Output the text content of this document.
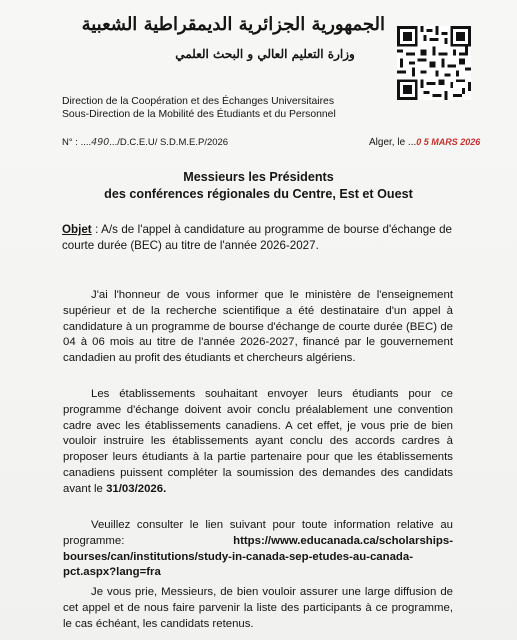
الجمهورية الجزائرية الديمقراطية الشعبية
وزارة التعليم العالي و البحث العلمي
Direction de la Coopération et des Échanges Universitaires
Sous-Direction de la Mobilité des Étudiants et du Personnel
N° : ....490.../D.C.E.U/ S.D.M.E.P/2026	Alger, le ...0 5 MARS 2026
Messieurs les Présidents
des conférences régionales du Centre, Est et Ouest
Objet : A/s de l'appel à candidature au programme de bourse d'échange de courte durée (BEC) au titre de l'année 2026-2027.
J'ai l'honneur de vous informer que le ministère de l'enseignement supérieur et de la recherche scientifique a été destinataire d'un appel à candidature à un programme de bourse d'échange de courte durée (BEC) de 04 à 06 mois au titre de l'année 2026-2027, financé par le gouvernement candadien au profit des étudiants et chercheurs algériens.
Les établissements souhaitant envoyer leurs étudiants pour ce programme d'échange doivent avoir conclu préalablement une convention cadre avec les établissements canadiens. A cet effet, je vous prie de bien vouloir instruire les établissements ayant conclu des accords cardres à proposer leurs étudiants à la partie partenaire pour que les établissements canadiens puissent compléter la soumission des demandes des candidats avant le 31/03/2026.
Veuillez consulter le lien suivant pour toute information relative au programme:	https://www.educanada.ca/scholarships-bourses/can/institutions/study-in-canada-sep-etudes-au-canada-pct.aspx?lang=fra
Je vous prie, Messieurs, de bien vouloir assurer une large diffusion de cet appel et de nous faire parvenir la liste des participants à ce programme, le cas échéant, les candidats retenus.
